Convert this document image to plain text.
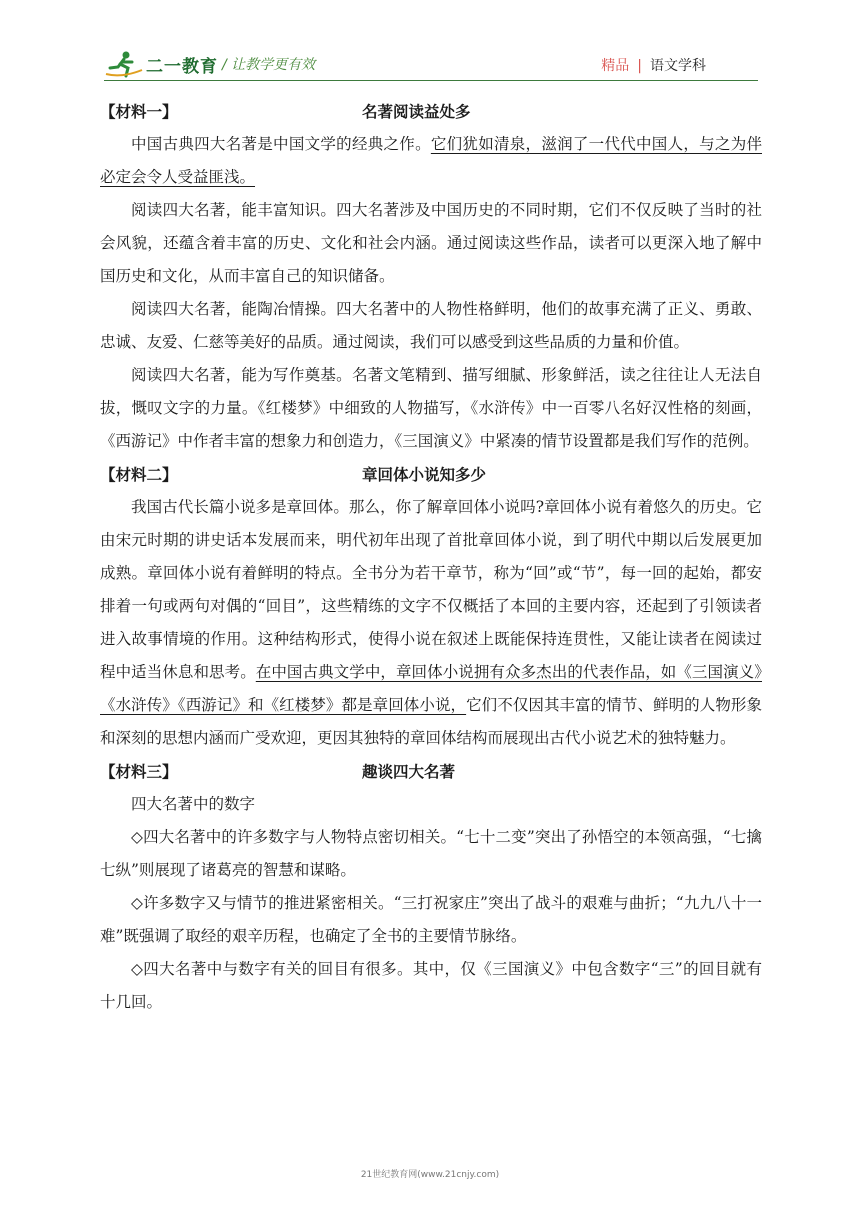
二一教育 / 让教学更有效	精品 | 语文学科
【材料一】	名著阅读益处多

中国古典四大名著是中国文学的经典之作。它们犹如清泉，滋润了一代代中国人，与之为伴必定会令人受益匪浅。

阅读四大名著，能丰富知识。四大名著涉及中国历史的不同时期，它们不仅反映了当时的社会风貌，还蕴含着丰富的历史、文化和社会内涵。通过阅读这些作品，读者可以更深入地了解中国历史和文化，从而丰富自己的知识储备。

阅读四大名著，能陶冶情操。四大名著中的人物性格鲜明，他们的故事充满了正义、勇敢、忠诚、友爱、仁慈等美好的品质。通过阅读，我们可以感受到这些品质的力量和价值。

阅读四大名著，能为写作奠基。名著文笔精到、描写细腻、形象鲜活，读之往往让人无法自拔，慨叹文字的力量。《红楼梦》中细致的人物描写，《水浒传》中一百零八名好汉性格的刻画，《西游记》中作者丰富的想象力和创造力，《三国演义》中紧凑的情节设置都是我们写作的范例。

【材料二】	章回体小说知多少

我国古代长篇小说多是章回体。那么，你了解章回体小说吗?章回体小说有着悠久的历史。它由宋元时期的讲史话本发展而来，明代初年出现了首批章回体小说，到了明代中期以后发展更加成熟。章回体小说有着鲜明的特点。全书分为若干章节，称为“回”或“节”，每一回的起始，都安排着一句或两句对偶的“回目”，这些精练的文字不仅概括了本回的主要内容，还起到了引领读者进入故事情境的作用。这种结构形式，使得小说在叙述上既能保持连贯性，又能让读者在阅读过程中适当休息和思考。在中国古典文学中，章回体小说拥有众多杰出的代表作品，如《三国演义》《水浒传》《西游记》和《红楼梦》都是章回体小说，它们不仅因其丰富的情节、鲜明的人物形象和深刻的思想内涵而广受欢迎，更因其独特的章回体结构而展现出古代小说艺术的独特魅力。

【材料三】	趣谈四大名著

四大名著中的数字

◇四大名著中的许多数字与人物特点密切相关。“七十二变”突出了孙悟空的本领高强，“七擒七纵”则展现了诸葛亮的智慧和谋略。

◇许多数字又与情节的推进紧密相关。“三打祝家庄”突出了战斗的艰难与曲折；“九九八十一难”既强调了取经的艰辛历程，也确定了全书的主要情节脉络。

◇四大名著中与数字有关的回目有很多。其中，仅《三国演义》中包含数字“三”的回目就有十几回。

21世纪教育网(www.21cnjy.com)
